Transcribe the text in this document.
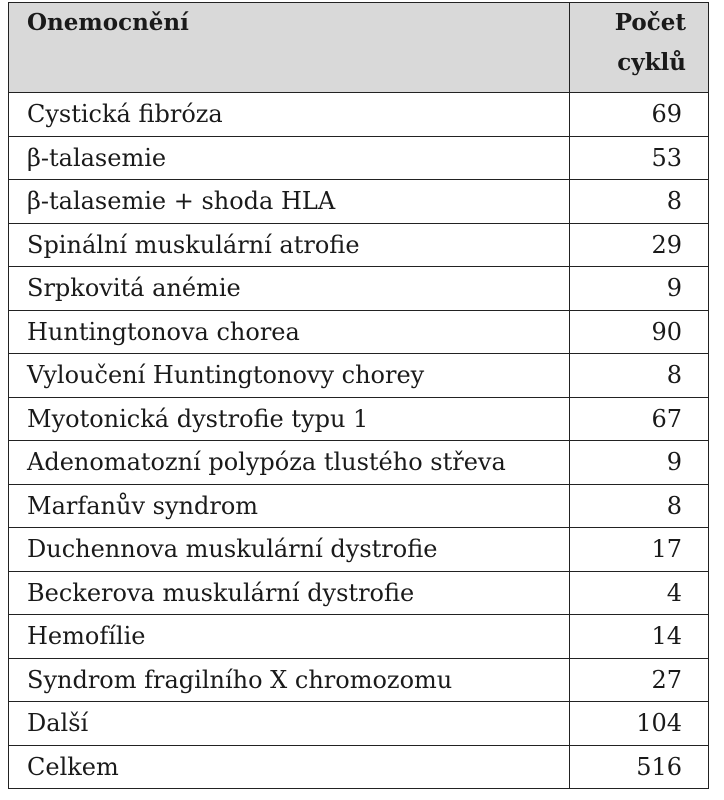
Onemocnění	Počet
cyklů
Cystická fibróza	69
β-talasemie	53
β-talasemie + shoda HLA	8
Spinální muskulární atrofie	29
Srpkovitá anémie	9
Huntingtonova chorea	90
Vyloučení Huntingtonovy chorey	8
Myotonická dystrofie typu 1	67
Adenomatozní polypóza tlustého střeva	9
Marfanův syndrom	8
Duchennova muskulární dystrofie	17
Beckerova muskulární dystrofie	4
Hemofílie	14
Syndrom fragilního X chromozomu	27
Další	104
Celkem	516
